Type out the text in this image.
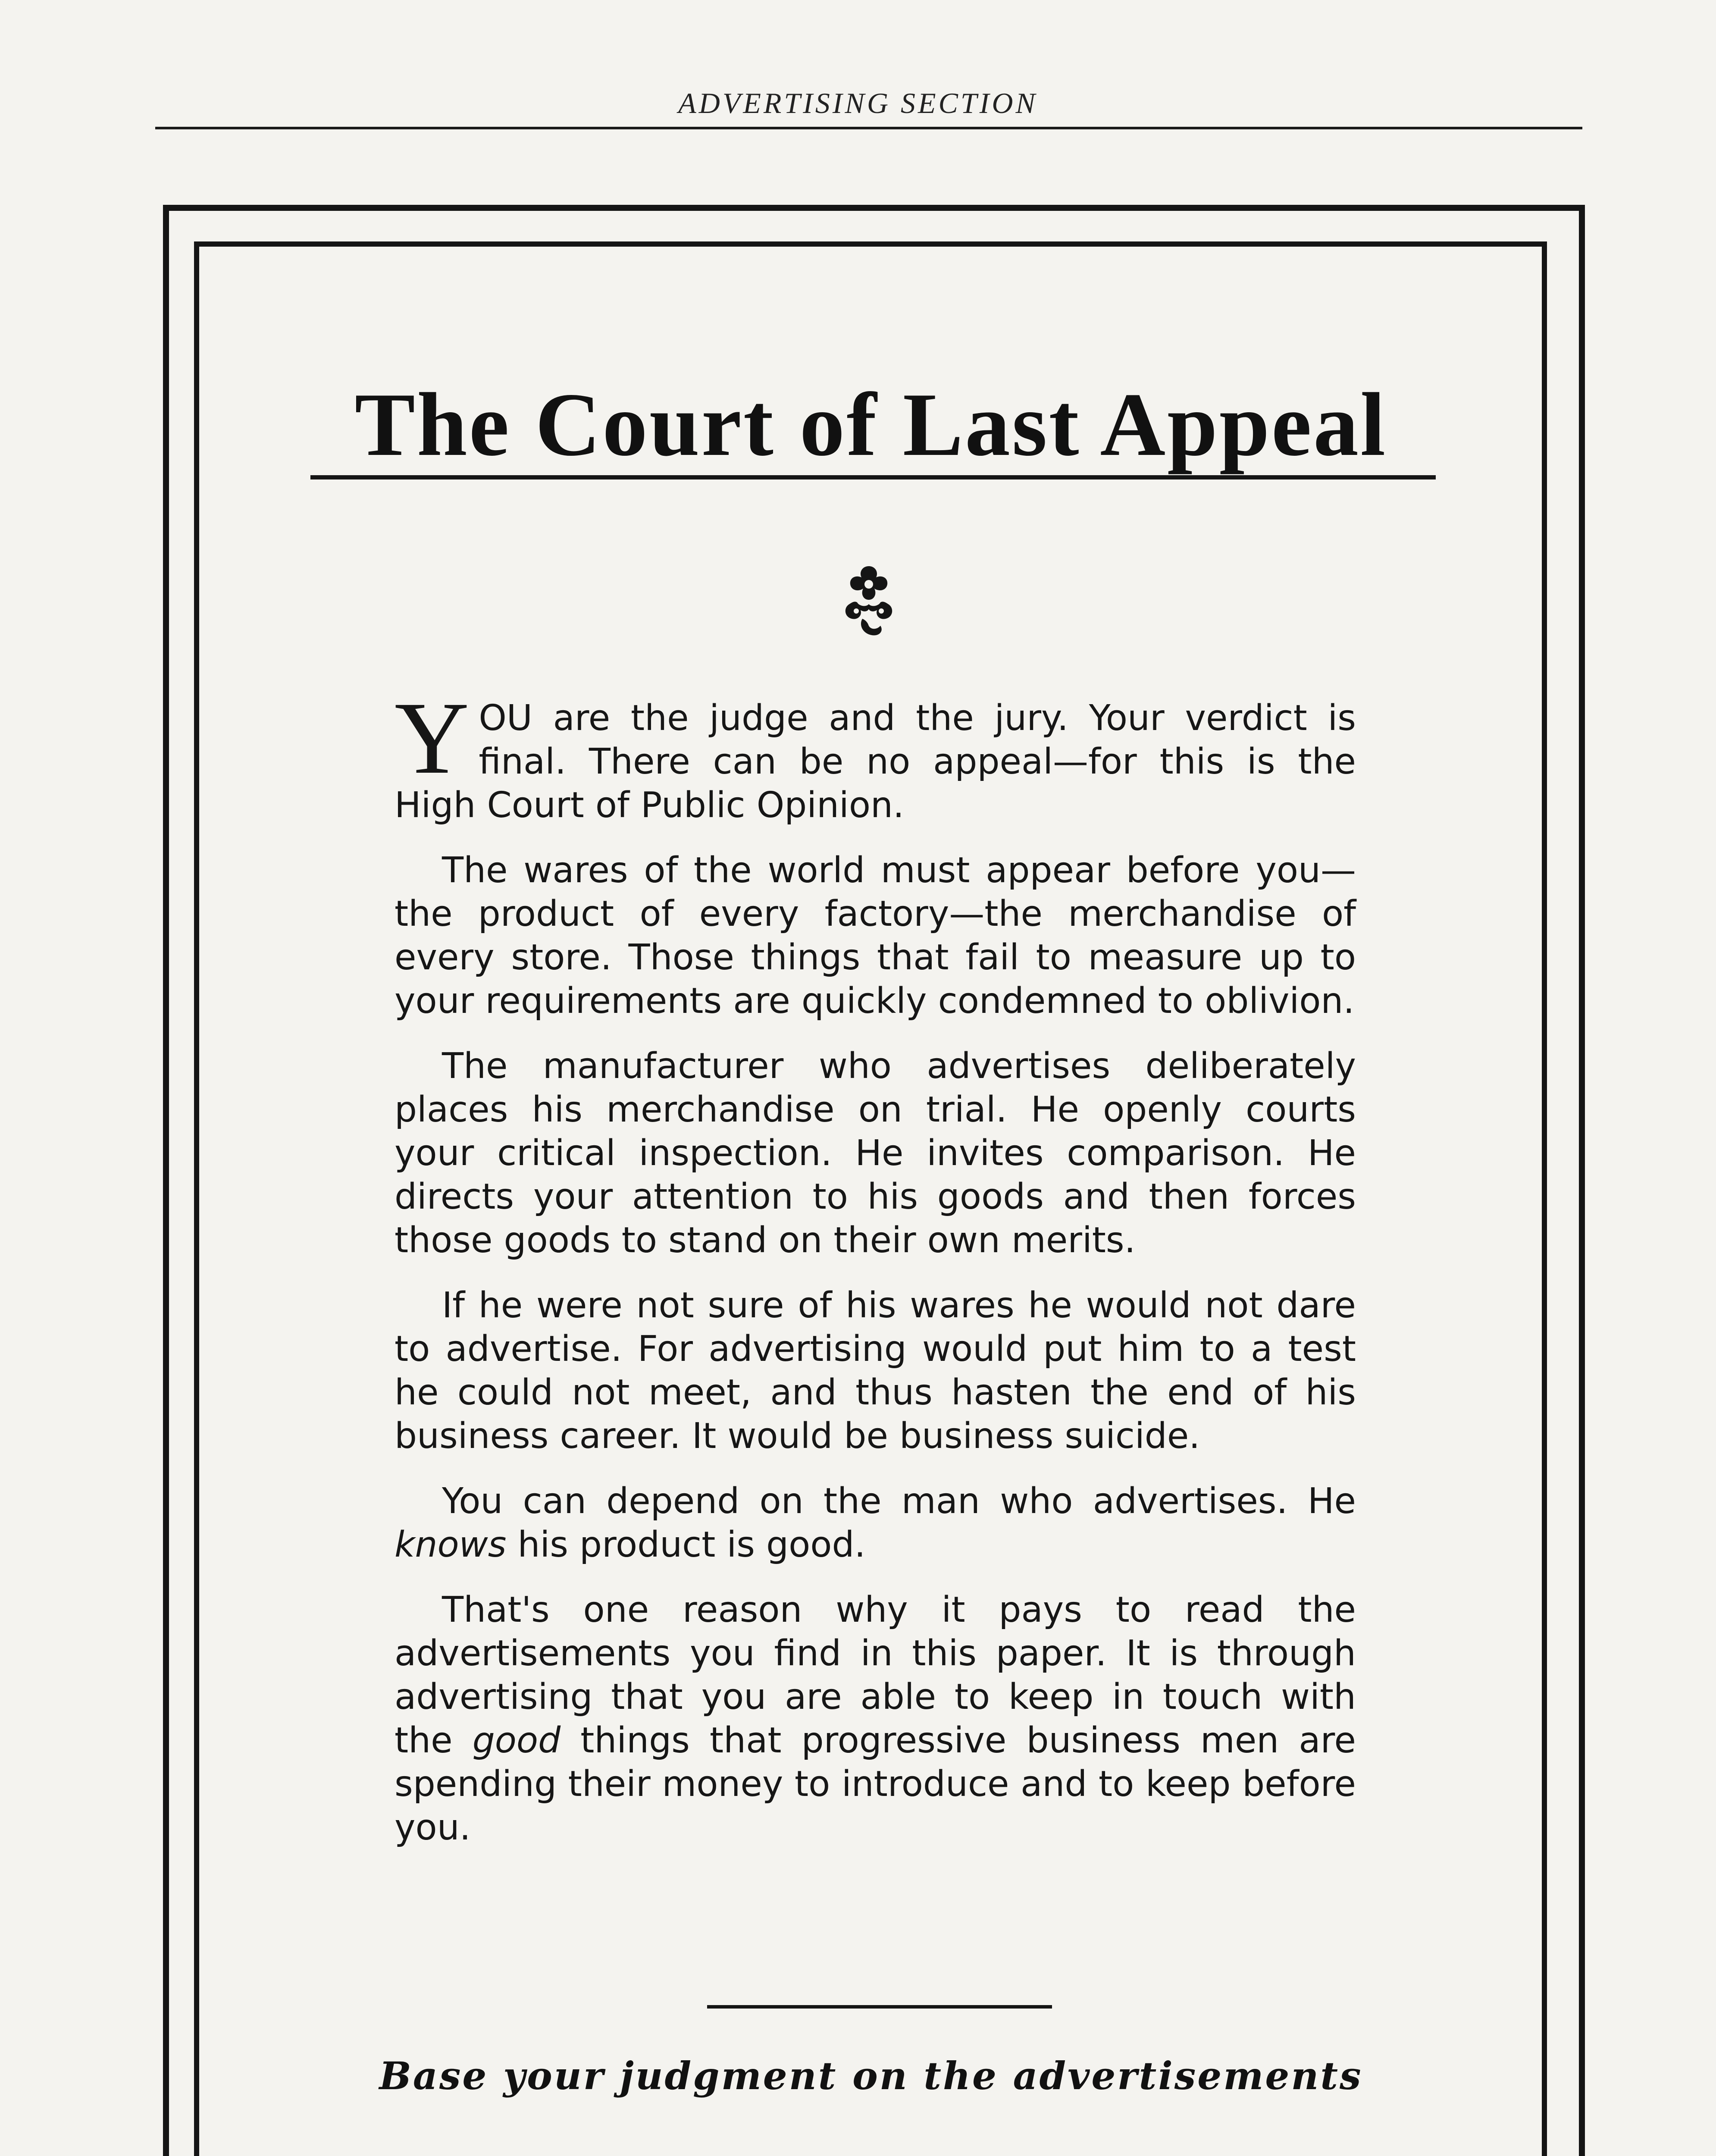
ADVERTISING SECTION
The Court of Last Appeal

YOU are the judge and the jury. Your verdict is final. There can be no appeal—for this is the High Court of Public Opinion.

The wares of the world must appear before you—the product of every factory—the merchandise of every store. Those things that fail to measure up to your requirements are quickly condemned to oblivion.

The manufacturer who advertises deliberately places his merchandise on trial. He openly courts your critical inspection. He invites comparison. He directs your attention to his goods and then forces those goods to stand on their own merits.

If he were not sure of his wares he would not dare to advertise. For advertising would put him to a test he could not meet, and thus hasten the end of his business career. It would be business suicide.

You can depend on the man who advertises. He knows his product is good.

That's one reason why it pays to read the advertisements you find in this paper. It is through advertising that you are able to keep in touch with the good things that progressive business men are spending their money to introduce and to keep before you.

Base your judgment on the advertisements
